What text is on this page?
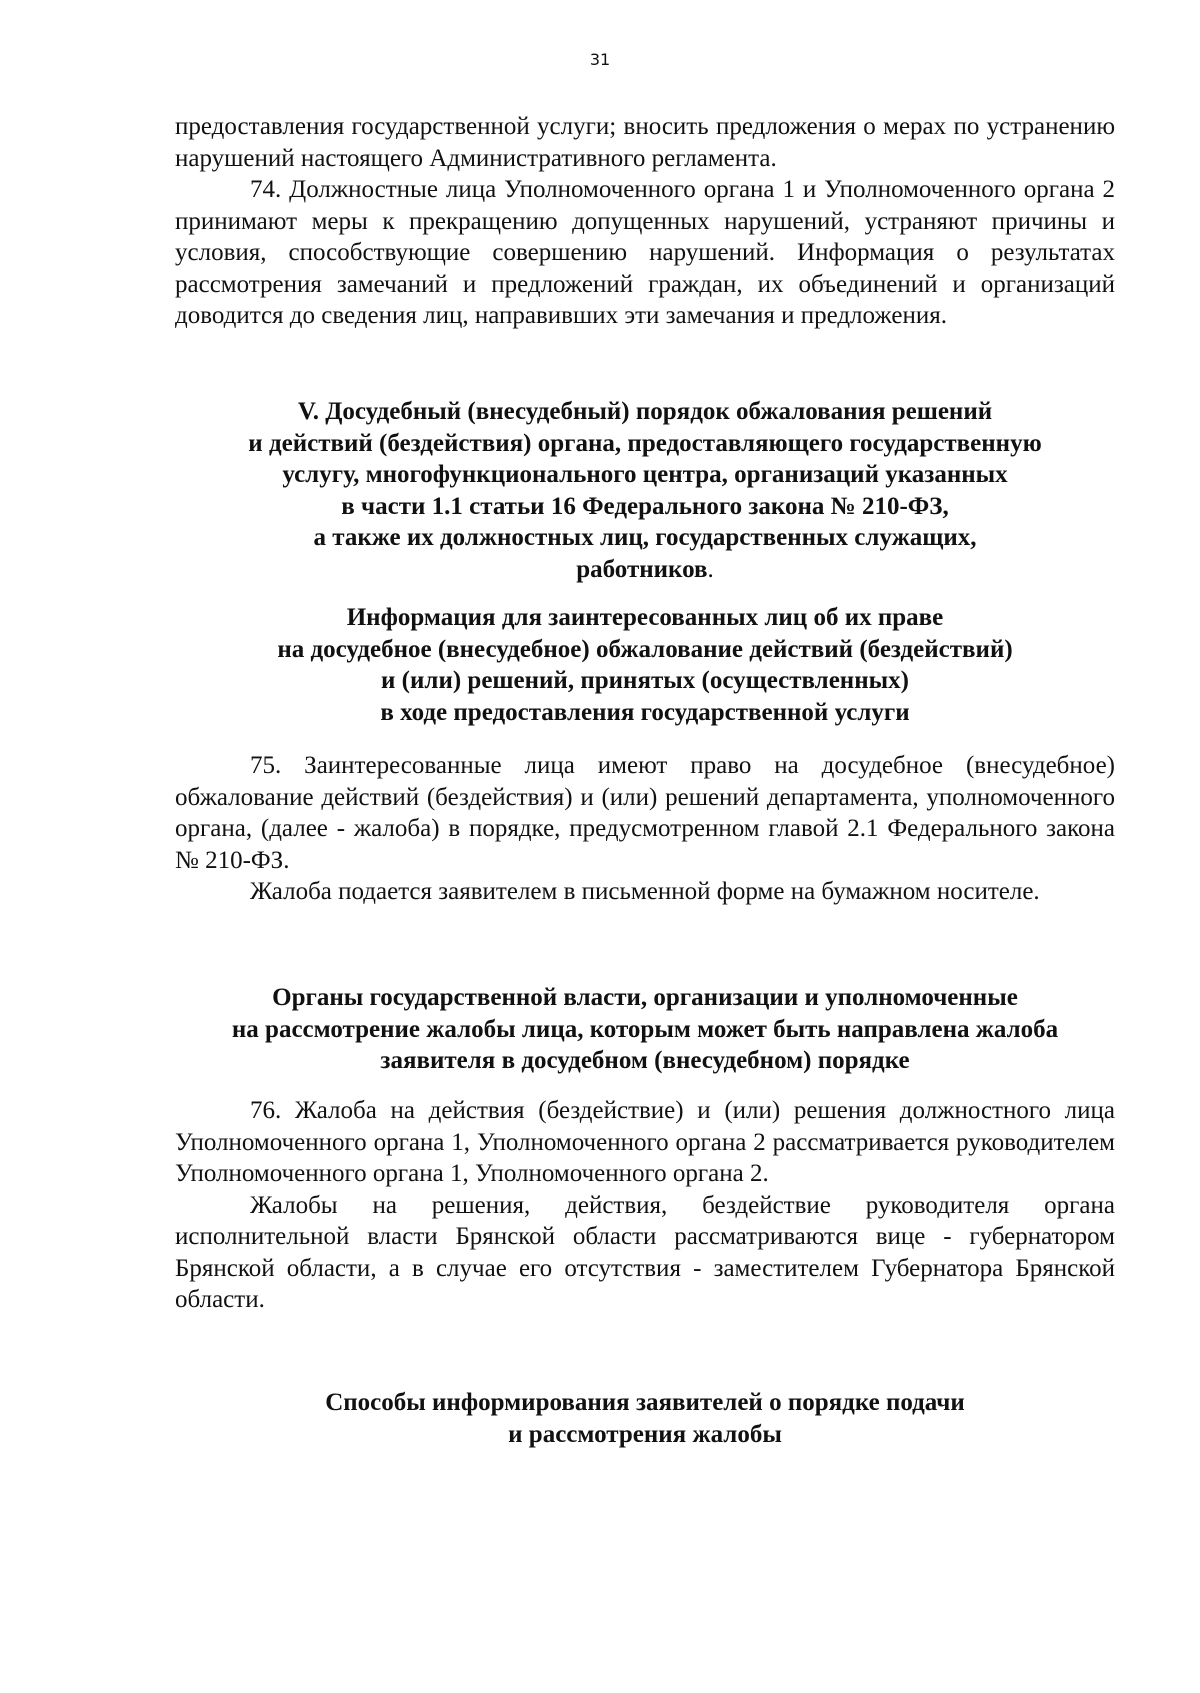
31

предоставления государственной услуги; вносить предложения о мерах по устранению нарушений настоящего Административного регламента.

74. Должностные лица Уполномоченного органа 1 и Уполномоченного органа 2 принимают меры к прекращению допущенных нарушений, устраняют причины и условия, способствующие совершению нарушений. Информация о результатах рассмотрения замечаний и предложений граждан, их объединений и организаций доводится до сведения лиц, направивших эти замечания и предложения.

V. Досудебный (внесудебный) порядок обжалования решений
и действий (бездействия) органа, предоставляющего государственную
услугу, многофункционального центра, организаций указанных
в части 1.1 статьи 16 Федерального закона № 210-ФЗ,
а также их должностных лиц, государственных служащих,
работников.
Информация для заинтересованных лиц об их праве
на досудебное (внесудебное) обжалование действий (бездействий)
и (или) решений, принятых (осуществленных)
в ходе предоставления государственной услуги

75. Заинтересованные лица имеют право на досудебное (внесудебное) обжалование действий (бездействия) и (или) решений департамента, уполномоченного органа, (далее - жалоба) в порядке, предусмотренном главой 2.1 Федерального закона № 210-ФЗ.

Жалоба подается заявителем в письменной форме на бумажном носителе.

Органы государственной власти, организации и уполномоченные
на рассмотрение жалобы лица, которым может быть направлена жалоба
заявителя в досудебном (внесудебном) порядке

76. Жалоба на действия (бездействие) и (или) решения должностного лица Уполномоченного органа 1, Уполномоченного органа 2 рассматривается руководителем Уполномоченного органа 1, Уполномоченного органа 2.

Жалобы на решения, действия, бездействие руководителя органа исполнительной власти Брянской области рассматриваются вице - губернатором Брянской области, а в случае его отсутствия - заместителем Губернатора Брянской области.

Способы информирования заявителей о порядке подачи
и рассмотрения жалобы
